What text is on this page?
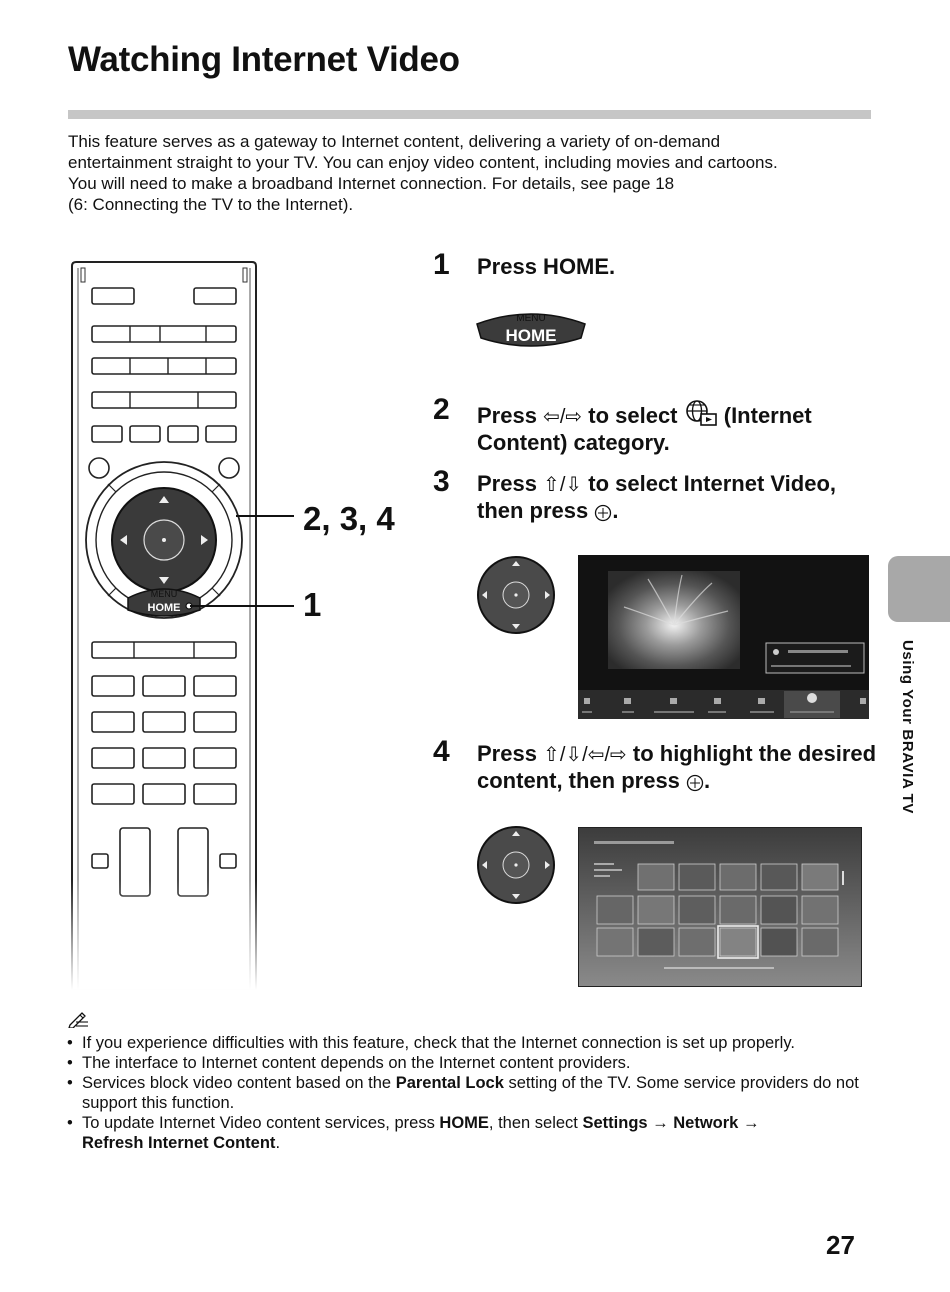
Watching Internet Video

This feature serves as a gateway to Internet content, delivering a variety of on-demand

entertainment straight to your TV. You can enjoy video content, including movies and cartoons.

You will need to make a broadband Internet connection. For details, see page 18

(6: Connecting the TV to the Internet).

MENU
HOME
2, 3, 4
1
1 Press HOME.
MENU
HOME
2 Press ⇦/⇨ to select  (Internet Content) category.
3 Press ⇧/⇩ to select Internet Video, then press .
4 Press ⇧/⇩/⇦/⇨ to highlight the desired content, then press .
• If you experience difficulties with this feature, check that the Internet connection is set up properly.
• The interface to Internet content depends on the Internet content providers.
• Services block video content based on the Parental Lock setting of the TV. Some service providers do not support this function.
• To update Internet Video content services, press HOME, then select Settings → Network →
Refresh Internet Content.
Using Your BRAVIA TV
27
